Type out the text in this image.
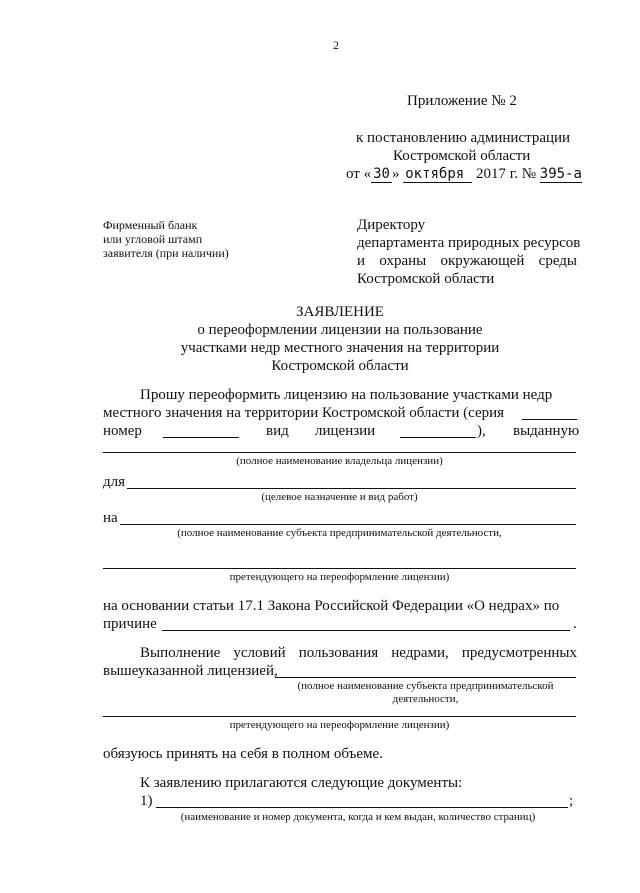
2
Приложение № 2
к постановлению администрации
Костромской области
от « 30 » октября 2017 г. № 395-а
Фирменный бланк
или угловой штамп
заявителя (при наличии)
Директору
департамента природных ресурсов
и охраны окружающей среды
Костромской области
ЗАЯВЛЕНИЕ
о переоформлении лицензии на пользование
участками недр местного значения на территории
Костромской области
Прошу переоформить лицензию на пользование участками недр
местного значения на территории Костромской области (серия
номер	вид лицензии	), выданную
(полное наименование владельца лицензии)
для
(целевое назначение и вид работ)
на
(полное наименование субъекта предпринимательской деятельности,
претендующего на переоформление лицензии)
на основании статьи 17.1 Закона Российской Федерации «О недрах» по
причине	.
Выполнение условий пользования недрами, предусмотренных
вышеуказанной лицензией,
(полное наименование субъекта предпринимательской
деятельности,
претендующего на переоформление лицензии)
обязуюсь принять на себя в полном объеме.
К заявлению прилагаются следующие документы:
1)	;
(наименование и номер документа, когда и кем выдан, количество страниц)
